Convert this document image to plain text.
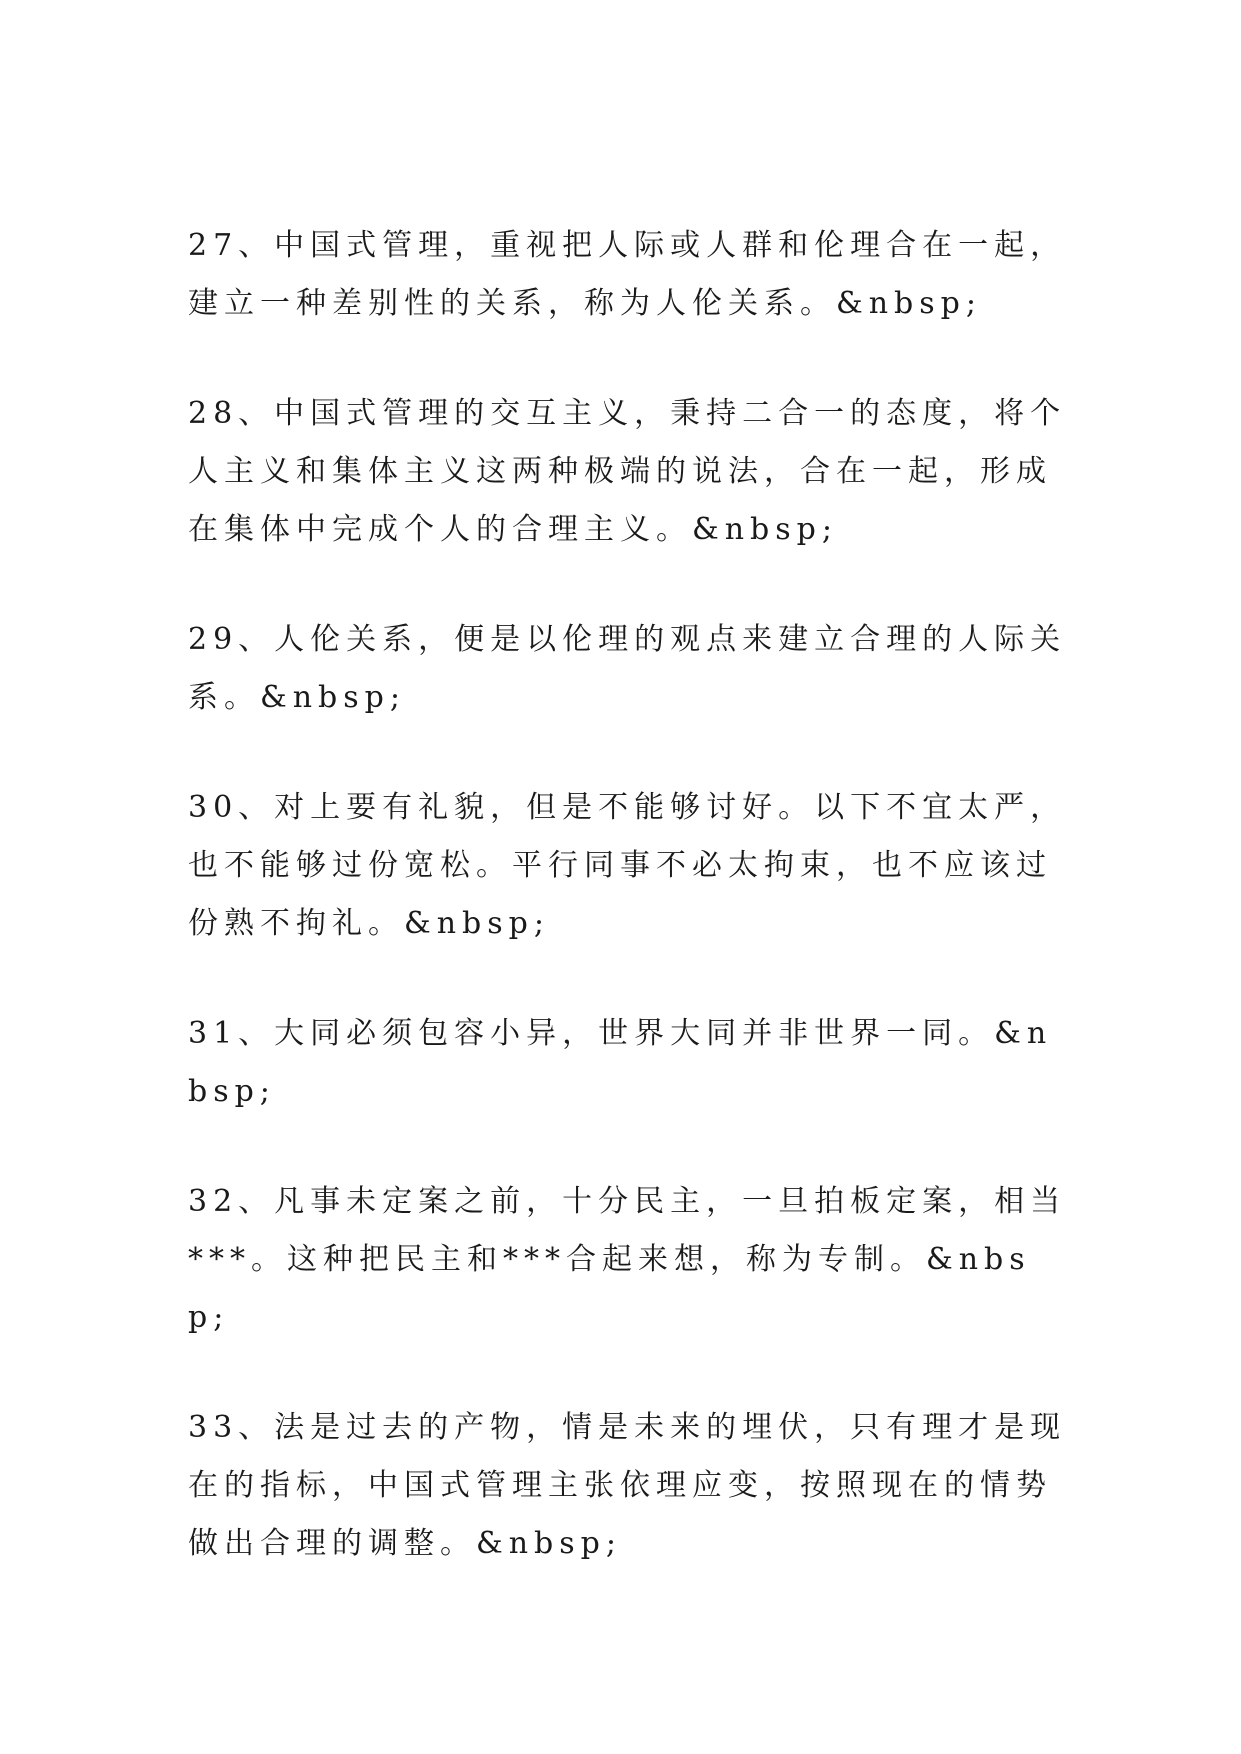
27、中国式管理，重视把人际或人群和伦理合在一起，建立一种差别性的关系，称为人伦关系。&nbsp;

28、中国式管理的交互主义，秉持二合一的态度，将个人主义和集体主义这两种极端的说法，合在一起，形成在集体中完成个人的合理主义。&nbsp;

29、人伦关系，便是以伦理的观点来建立合理的人际关系。&nbsp;

30、对上要有礼貌，但是不能够讨好。以下不宜太严，也不能够过份宽松。平行同事不必太拘束，也不应该过份熟不拘礼。&nbsp;

31、大同必须包容小异，世界大同并非世界一同。&nbsp;

32、凡事未定案之前，十分民主，一旦拍板定案，相当***。这种把民主和***合起来想，称为专制。&nbsp;

33、法是过去的产物，情是未来的埋伏，只有理才是现在的指标，中国式管理主张依理应变，按照现在的情势做出合理的调整。&nbsp;
